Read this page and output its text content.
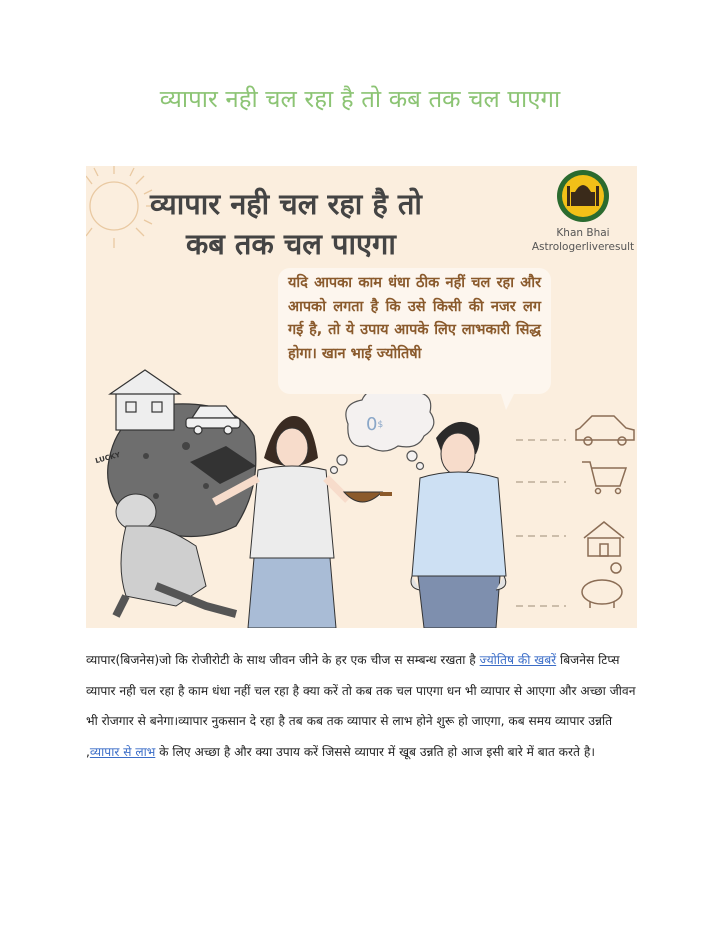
व्यापार नही चल रहा है तो कब तक चल पाएगा
व्यापार नही चल रहा है तो
कब तक चल पाएगा	Khan Bhai
Astrologerliveresult
यदि आपका काम धंधा ठीक नहीं चल रहा और आपको लगता है कि उसे किसी की नजर लग गई है, तो ये उपाय आपके लिए लाभकारी सिद्ध होगा। खान भाई ज्योतिषी
0$
LUCKY
व्यापार(बिजनेस)जो कि रोजीरोटी के साथ जीवन जीने के हर एक चीज स सम्बन्ध रखता है ज्योतिष की खबरें बिजनेस टिप्स व्यापार नही चल रहा है काम धंधा नहीं चल रहा है क्या करें तो कब तक चल पाएगा धन भी व्यापार से आएगा और अच्छा जीवन भी रोजगार से बनेगा।व्यापार नुकसान दे रहा है तब कब तक व्यापार से लाभ होने शुरू हो जाएगा, कब समय व्यापार उन्नति ,व्यापार से लाभ के लिए अच्छा है और क्या उपाय करें जिससे व्यापार में खूब उन्नति हो आज इसी बारे में बात करते है।
